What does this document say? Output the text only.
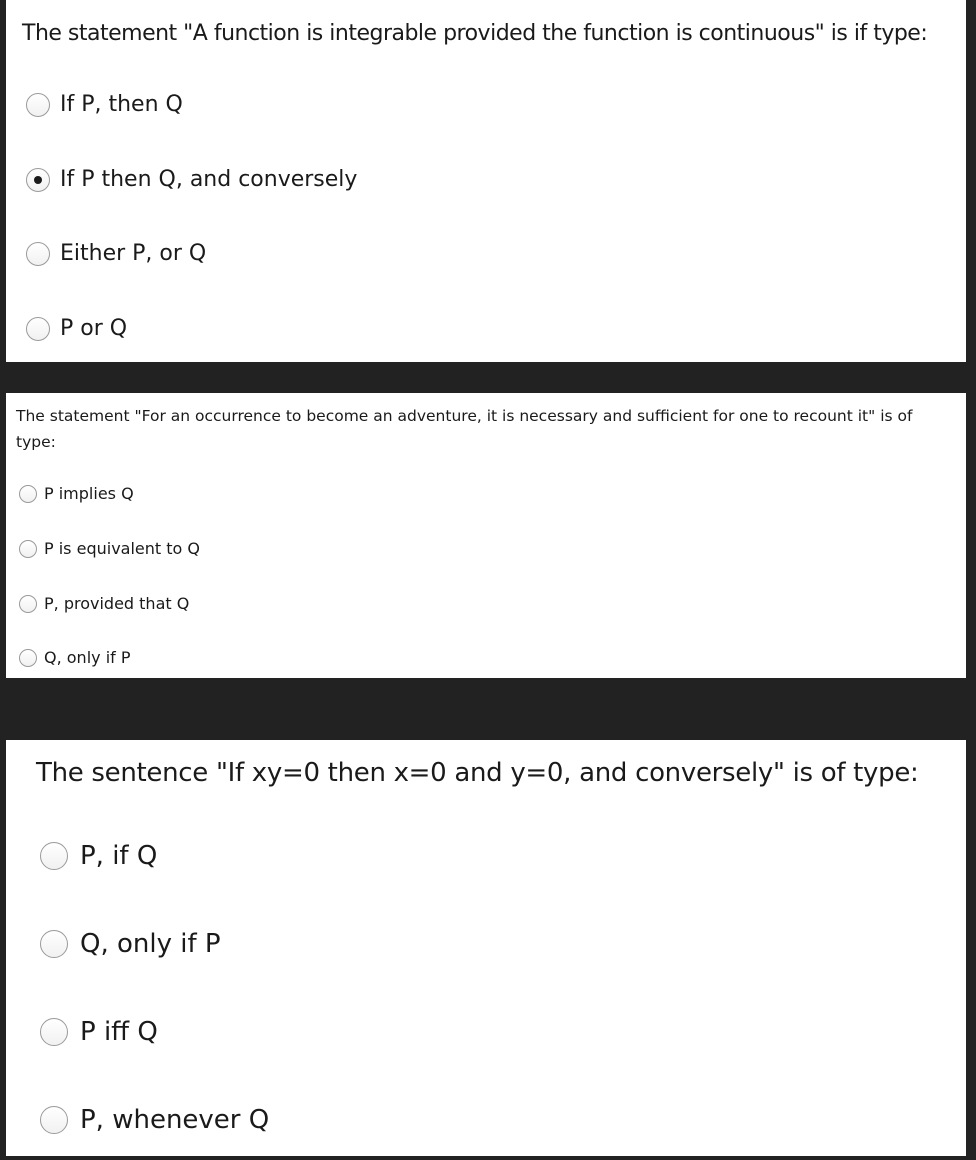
The statement "A function is integrable provided the function is continuous" is if type:

If P, then Q
If P then Q, and conversely
Either P, or Q
P or Q

The statement "For an occurrence to become an adventure, it is necessary and sufficient for one to recount it" is of type:

P implies Q
P is equivalent to Q
P, provided that Q
Q, only if P

The sentence "If xy=0 then x=0 and y=0, and conversely" is of type:

P, if Q
Q, only if P
P iff Q
P, whenever Q
